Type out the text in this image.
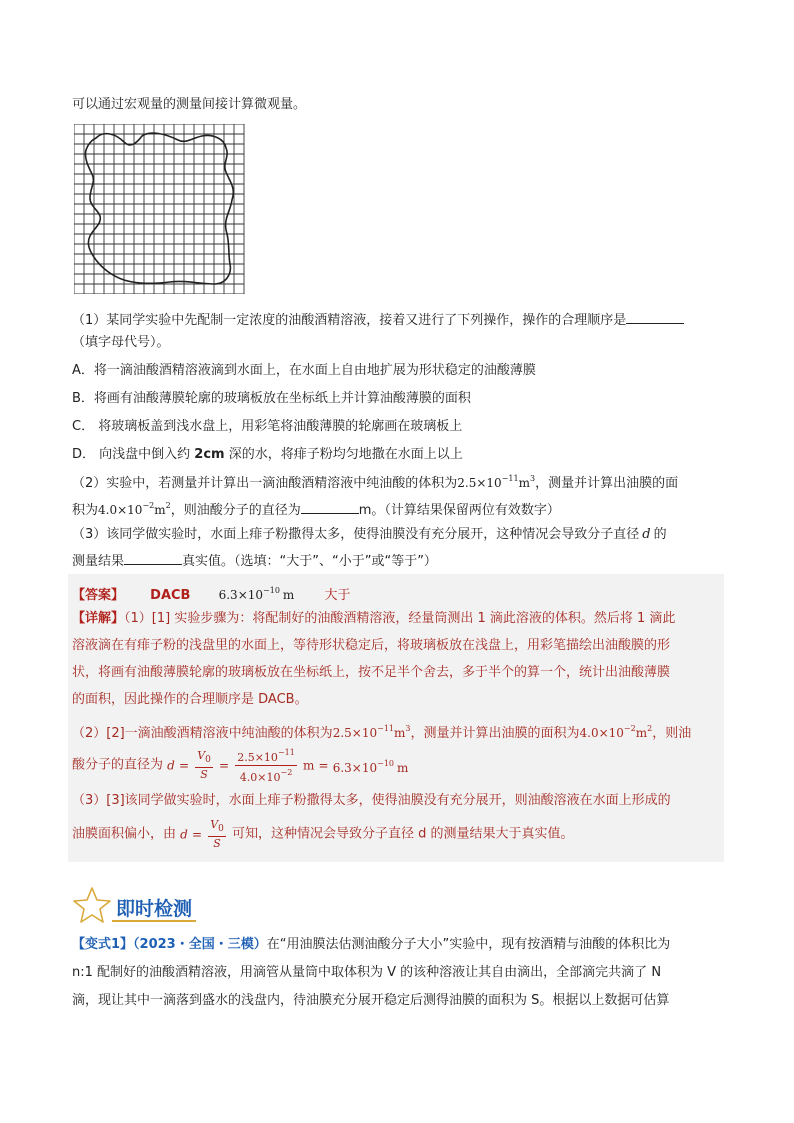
可以通过宏观量的测量间接计算微观量。
（1）某同学实验中先配制一定浓度的油酸酒精溶液，接着又进行了下列操作，操作的合理顺序是
（填字母代号）。
A．将一滴油酸酒精溶液滴到水面上，在水面上自由地扩展为形状稳定的油酸薄膜
B．将画有油酸薄膜轮廓的玻璃板放在坐标纸上并计算油酸薄膜的面积
C． 将玻璃板盖到浅水盘上，用彩笔将油酸薄膜的轮廓画在玻璃板上
D． 向浅盘中倒入约 2cm 深的水，将痱子粉均匀地撒在水面上以上
（2）实验中，若测量并计算出一滴油酸酒精溶液中纯油酸的体积为$2.5\times 10^{-11}m^3$，测量并计算出油膜的面
积为$4.0\times 10^{-2}m^2$，则油酸分子的直径为	m。（计算结果保留两位有效数字）
（3）该同学做实验时，水面上痱子粉撒得太多，使得油膜没有充分展开，这种情况会导致分子直径 d 的
测量结果	真实值。（选填：“大于”、“小于”或“等于”）
【答案】 DACB $6.3\times 10^{-10}$ m 大于
【详解】（1）[1] 实验步骤为：将配制好的油酸酒精溶液，经量筒测出 1 滴此溶液的体积。然后将 1 滴此
溶液滴在有痱子粉的浅盘里的水面上，等待形状稳定后，将玻璃板放在浅盘上，用彩笔描绘出油酸膜的形
状，将画有油酸薄膜轮廓的玻璃板放在坐标纸上，按不足半个舍去，多于半个的算一个，统计出油酸薄膜
的面积，因此操作的合理顺序是 DACB。
（2）[2]一滴油酸酒精溶液中纯油酸的体积为$2.5\times 10^{-11}m^3$，测量并计算出油膜的面积为$4.0\times 10^{-2}m^2$，则油
酸分子的直径为 $d = \frac{V_0}{S} = \frac{2.5\times 10^{-11}}{4.0\times 10^{-2}}$ $m = 6.3\times 10^{-10}$ m
（3）[3]该同学做实验时，水面上痱子粉撒得太多，使得油膜没有充分展开，则油酸溶液在水面上形成的
油膜面积偏小，由 $d = \frac{V_0}{S}$ 可知，这种情况会导致分子直径 d 的测量结果大于真实值。
即时检测
【变式1】（2023・全国・三模）在“用油膜法估测油酸分子大小”实验中，现有按酒精与油酸的体积比为
n:1 配制好的油酸酒精溶液，用滴管从量筒中取体积为 V 的该种溶液让其自由滴出，全部滴完共滴了 N
滴，现让其中一滴落到盛水的浅盘内，待油膜充分展开稳定后测得油膜的面积为 S。根据以上数据可估算
